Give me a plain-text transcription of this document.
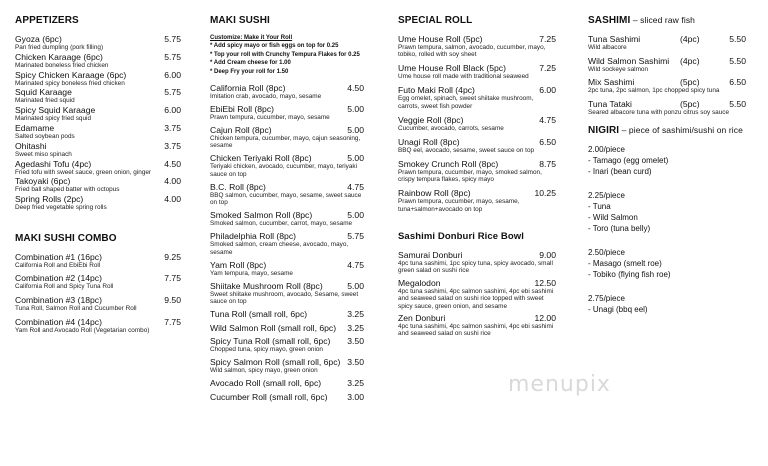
APPETIZERS
Gyoza (6pc)	5.75
Pan fried dumpling (pork filling)
Chicken Karaage (6pc)	5.75
Marinated boneless fried chicken
Spicy Chicken Karaage (6pc)	6.00
Marinated spicy boneless fried chicken
Squid Karaage	5.75
Marinated fried squid
Spicy Squid Karaage	6.00
Marinated spicy fried squid
Edamame	3.75
Salted soybean pods
Ohitashi	3.75
Sweet miso spinach
Agedashi Tofu (4pc)	4.50
Fried tofu with sweet sauce, green onion, ginger
Takoyaki (6pc)	4.00
Fried ball shaped batter with octopus
Spring Rolls (2pc)	4.00
Deep fried vegetable spring rolls
MAKI SUSHI COMBO
Combination #1 (16pc)	9.25
California Roll and EbiEbi Roll
Combination #2 (14pc)	7.75
California Roll and Spicy Tuna Roll
Combination #3 (18pc)	9.50
Tuna Roll, Salmon Roll and Cucumber Roll
Combination #4 (14pc)	7.75
Yam Roll and Avocado Roll (Vegetarian combo)
MAKI SUSHI
Customize: Make it Your Roll
* Add spicy mayo or fish eggs on top for 0.25
* Top your roll with Crunchy Tempura Flakes for 0.25
* Add Cream cheese for 1.00
* Deep Fry your roll for 1.50
California Roll (8pc)	4.50
Imitation crab, avocado, mayo, sesame
EbiEbi Roll (8pc)	5.00
Prawn tempura, cucumber, mayo, sesame
Cajun Roll (8pc)	5.00
Chicken tempura, cucumber, mayo, cajun seasoning, sesame
Chicken Teriyaki Roll (8pc)	5.00
Teriyaki chicken, avocado, cucumber, mayo, teriyaki sauce on top
B.C. Roll (8pc)	4.75
BBQ salmon, cucumber, mayo, sesame, sweet sauce on top
Smoked Salmon Roll (8pc)	5.00
Smoked salmon, cucumber, carrot, mayo, sesame
Philadelphia Roll (8pc)	5.75
Smoked salmon, cream cheese, avocado, mayo, sesame
Yam Roll (8pc)	4.75
Yam tempura, mayo, sesame
Shiitake Mushroom Roll (8pc)	5.00
Sweet shiitake mushroom, avocado, Sesame, sweet sauce on top
Tuna Roll (small roll, 6pc)	3.25
Wild Salmon Roll (small roll, 6pc) 3.25
Spicy Tuna Roll (small roll, 6pc) 3.50
Chopped tuna, spicy mayo, green onion
Spicy Salmon Roll (small roll, 6pc) 3.50
Wild salmon, spicy mayo, green onion
Avocado Roll (small roll, 6pc)	3.25
Cucumber Roll (small roll, 6pc) 3.00
SPECIAL ROLL
Ume House Roll (5pc)	7.25
Prawn tempura, salmon, avocado, cucumber, mayo, tobiko, rolled with soy sheet
Ume House Roll Black (5pc)	7.25
Ume house roll made with traditional seaweed
Futo Maki Roll (4pc)	6.00
Egg omelet, spinach, sweet shiitake mushroom, carrots, sweet fish powder
Veggie Roll (8pc)	4.75
Cucumber, avocado, carrots, sesame
Unagi Roll (8pc)	6.50
BBQ eel, avocado, sesame, sweet sauce on top
Smokey Crunch Roll (8pc)	8.75
Prawn tempura, cucumber, mayo, smoked salmon, crispy tempura flakes, spicy mayo
Rainbow Roll (8pc)	10.25
Prawn tempura, cucumber, mayo, sesame, tuna+salmon+avocado on top
Sashimi Donburi Rice Bowl
Samurai Donburi	9.00
4pc tuna sashimi, 1pc spicy tuna, spicy avocado, small green salad on sushi rice
Megalodon	12.50
4pc tuna sashimi, 4pc salmon sashimi, 4pc ebi sashimi and seaweed salad on sushi rice topped with sweet spicy sauce, green onion, and sesame
Zen Donburi	12.00
4pc tuna sashimi, 4pc salmon sashimi, 4pc ebi sashimi and seaweed salad on sushi rice
SASHIMI – sliced raw fish
Tuna Sashimi	(4pc)	5.50
Wild albacore
Wild Salmon Sashimi (4pc)	5.50
Wild sockeye salmon
Mix Sashimi	(5pc)	6.50
2pc tuna, 2pc salmon, 1pc chopped spicy tuna
Tuna Tataki	(5pc)	5.50
Seared albacore tuna with ponzu citrus soy sauce
NIGIRI – piece of sashimi/sushi on rice
2.00/piece
- Tamago (egg omelet)
- Inari (bean curd)
2.25/piece
- Tuna
- Wild Salmon
- Toro (tuna belly)
2.50/piece
- Masago (smelt roe)
- Tobiko (flying fish roe)
2.75/piece
- Unagi (bbq eel)
menupix
